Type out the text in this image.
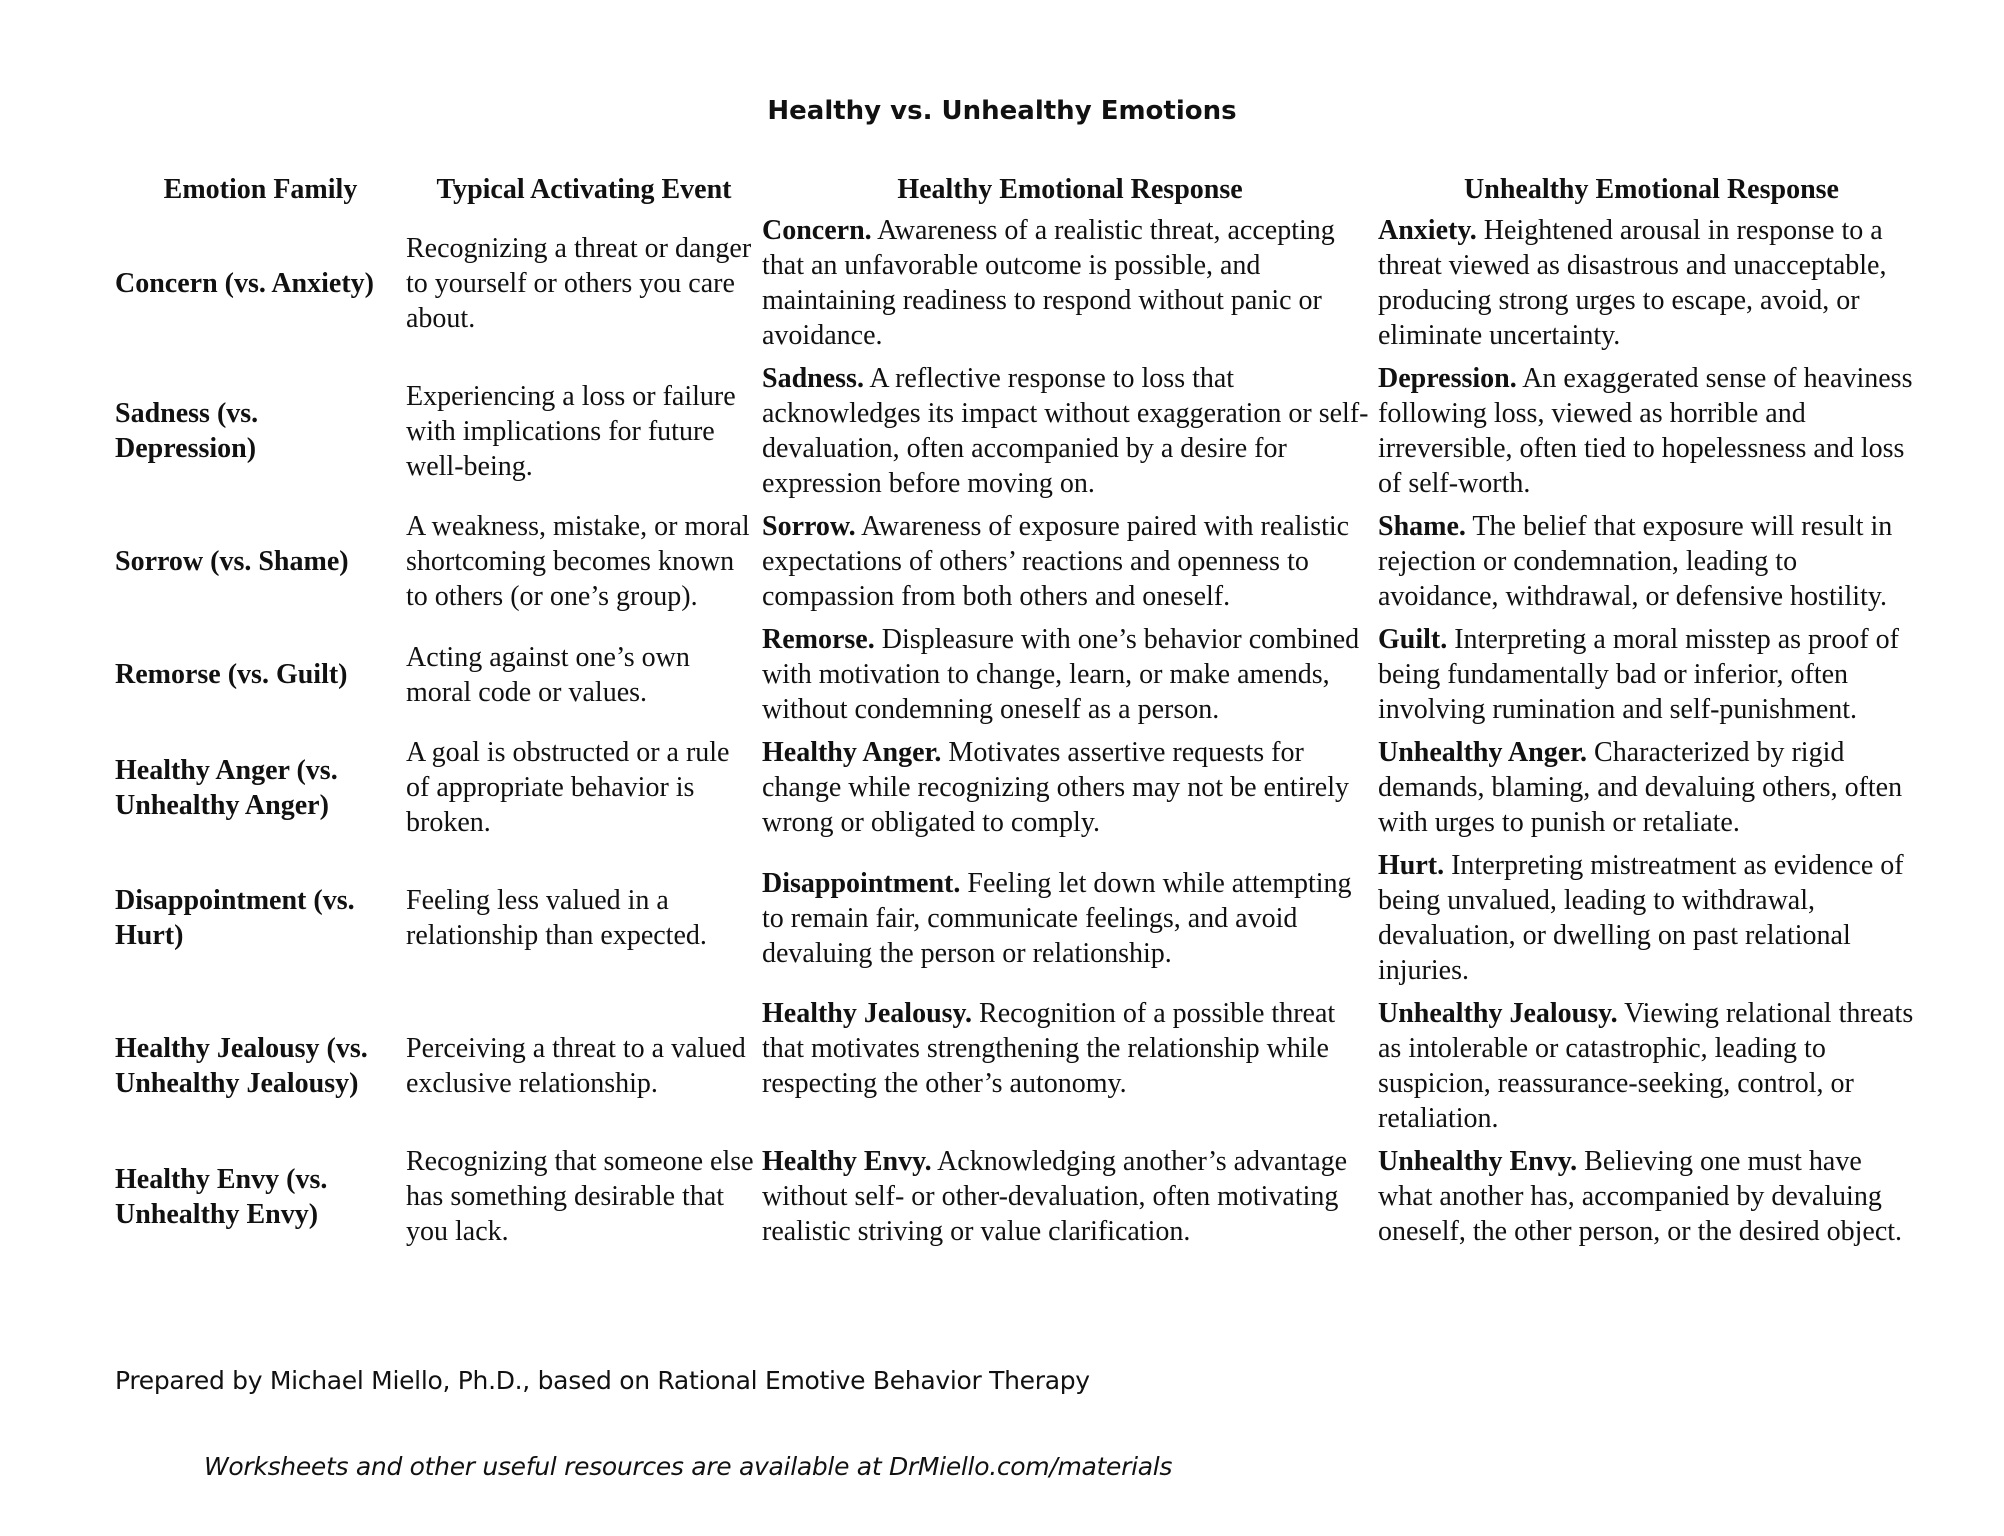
Healthy vs. Unhealthy Emotions
Emotion Family	Typical Activating Event	Healthy Emotional Response	Unhealthy Emotional Response
Concern (vs. Anxiety)	Recognizing a threat or danger to yourself or others you care about.	Concern. Awareness of a realistic threat, accepting that an unfavorable outcome is possible, and maintaining readiness to respond without panic or avoidance.	Anxiety. Heightened arousal in response to a threat viewed as disastrous and unacceptable, producing strong urges to escape, avoid, or eliminate uncertainty.
Sadness (vs. Depression)	Experiencing a loss or failure with implications for future well-being.	Sadness. A reflective response to loss that acknowledges its impact without exaggeration or self-devaluation, often accompanied by a desire for expression before moving on.	Depression. An exaggerated sense of heaviness following loss, viewed as horrible and irreversible, often tied to hopelessness and loss of self-worth.
Sorrow (vs. Shame)	A weakness, mistake, or moral shortcoming becomes known to others (or one’s group).	Sorrow. Awareness of exposure paired with realistic expectations of others’ reactions and openness to compassion from both others and oneself.	Shame. The belief that exposure will result in rejection or condemnation, leading to avoidance, withdrawal, or defensive hostility.
Remorse (vs. Guilt)	Acting against one’s own moral code or values.	Remorse. Displeasure with one’s behavior combined with motivation to change, learn, or make amends, without condemning oneself as a person.	Guilt. Interpreting a moral misstep as proof of being fundamentally bad or inferior, often involving rumination and self-punishment.
Healthy Anger (vs. Unhealthy Anger)	A goal is obstructed or a rule of appropriate behavior is broken.	Healthy Anger. Motivates assertive requests for change while recognizing others may not be entirely wrong or obligated to comply.	Unhealthy Anger. Characterized by rigid demands, blaming, and devaluing others, often with urges to punish or retaliate.
Disappointment (vs. Hurt)	Feeling less valued in a relationship than expected.	Disappointment. Feeling let down while attempting to remain fair, communicate feelings, and avoid devaluing the person or relationship.	Hurt. Interpreting mistreatment as evidence of being unvalued, leading to withdrawal, devaluation, or dwelling on past relational injuries.
Healthy Jealousy (vs. Unhealthy Jealousy)	Perceiving a threat to a valued exclusive relationship.	Healthy Jealousy. Recognition of a possible threat that motivates strengthening the relationship while respecting the other’s autonomy.	Unhealthy Jealousy. Viewing relational threats as intolerable or catastrophic, leading to suspicion, reassurance-seeking, control, or retaliation.
Healthy Envy (vs. Unhealthy Envy)	Recognizing that someone else has something desirable that you lack.	Healthy Envy. Acknowledging another’s advantage without self- or other-devaluation, often motivating realistic striving or value clarification.	Unhealthy Envy. Believing one must have what another has, accompanied by devaluing oneself, the other person, or the desired object.
Prepared by Michael Miello, Ph.D., based on Rational Emotive Behavior Therapy
Worksheets and other useful resources are available at DrMiello.com/materials
